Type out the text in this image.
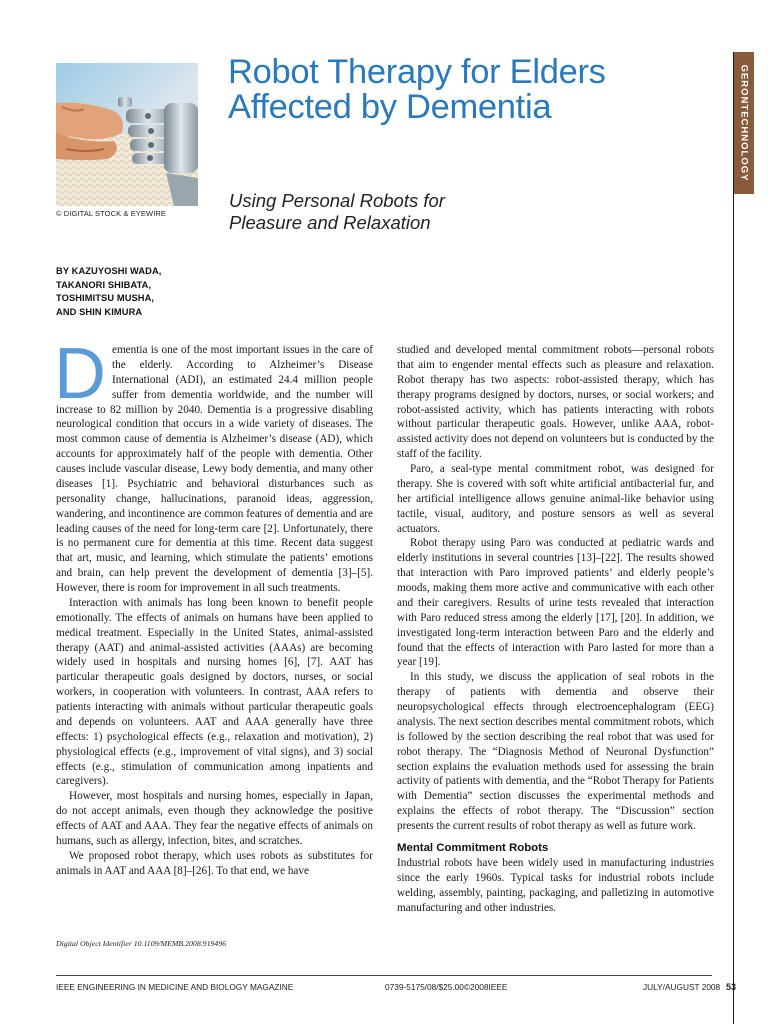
© DIGITAL STOCK & EYEWIRE
Robot Therapy for Elders
Affected by Dementia
Using Personal Robots for
Pleasure and Relaxation
GERONTECHNOLOGY
BY KAZUYOSHI WADA,
TAKANORI SHIBATA,
TOSHIMITSU MUSHA,
AND SHIN KIMURA

Dementia is one of the most important issues in the care of the elderly. According to Alzheimer’s Disease International (ADI), an estimated 24.4 million people suffer from dementia worldwide, and the number will increase to 82 million by 2040. Dementia is a progressive disabling neurological condition that occurs in a wide variety of diseases. The most common cause of dementia is Alzheimer’s disease (AD), which accounts for approximately half of the people with dementia. Other causes include vascular disease, Lewy body dementia, and many other diseases [1]. Psychiatric and behavioral disturbances such as personality change, hallucinations, paranoid ideas, aggression, wandering, and incontinence are common features of dementia and are leading causes of the need for long-term care [2]. Unfortunately, there is no permanent cure for dementia at this time. Recent data suggest that art, music, and learning, which stimulate the patients’ emotions and brain, can help prevent the development of dementia [3]–[5]. However, there is room for improvement in all such treatments.

Interaction with animals has long been known to benefit people emotionally. The effects of animals on humans have been applied to medical treatment. Especially in the United States, animal-assisted therapy (AAT) and animal-assisted activities (AAAs) are becoming widely used in hospitals and nursing homes [6], [7]. AAT has particular therapeutic goals designed by doctors, nurses, or social workers, in cooperation with volunteers. In contrast, AAA refers to patients interacting with animals without particular therapeutic goals and depends on volunteers. AAT and AAA generally have three effects: 1) psychological effects (e.g., relaxation and motivation), 2) physiological effects (e.g., improvement of vital signs), and 3) social effects (e.g., stimulation of communication among inpatients and caregivers).

However, most hospitals and nursing homes, especially in Japan, do not accept animals, even though they acknowledge the positive effects of AAT and AAA. They fear the negative effects of animals on humans, such as allergy, infection, bites, and scratches.

We proposed robot therapy, which uses robots as substitutes for animals in AAT and AAA [8]–[26]. To that end, we have

Digital Object Identifier 10.1109/MEMB.2008.919496

studied and developed mental commitment robots—personal robots that aim to engender mental effects such as pleasure and relaxation. Robot therapy has two aspects: robot-assisted therapy, which has therapy programs designed by doctors, nurses, or social workers; and robot-assisted activity, which has patients interacting with robots without particular therapeutic goals. However, unlike AAA, robot-assisted activity does not depend on volunteers but is conducted by the staff of the facility.

Paro, a seal-type mental commitment robot, was designed for therapy. She is covered with soft white artificial antibacterial fur, and her artificial intelligence allows genuine animal-like behavior using tactile, visual, auditory, and posture sensors as well as several actuators.

Robot therapy using Paro was conducted at pediatric wards and elderly institutions in several countries [13]–[22]. The results showed that interaction with Paro improved patients’ and elderly people’s moods, making them more active and communicative with each other and their caregivers. Results of urine tests revealed that interaction with Paro reduced stress among the elderly [17], [20]. In addition, we investigated long-term interaction between Paro and the elderly and found that the effects of interaction with Paro lasted for more than a year [19].

In this study, we discuss the application of seal robots in the therapy of patients with dementia and observe their neuropsychological effects through electroencephalogram (EEG) analysis. The next section describes mental commitment robots, which is followed by the section describing the real robot that was used for robot therapy. The “Diagnosis Method of Neuronal Dysfunction” section explains the evaluation methods used for assessing the brain activity of patients with dementia, and the “Robot Therapy for Patients with Dementia” section discusses the experimental methods and explains the effects of robot therapy. The “Discussion” section presents the current results of robot therapy as well as future work.

Mental Commitment Robots

Industrial robots have been widely used in manufacturing industries since the early 1960s. Typical tasks for industrial robots include welding, assembly, painting, packaging, and palletizing in automotive manufacturing and other industries.

IEEE ENGINEERING IN MEDICINE AND BIOLOGY MAGAZINE	0739-5175/08/$25.00©2008IEEE	JULY/AUGUST 2008 53
